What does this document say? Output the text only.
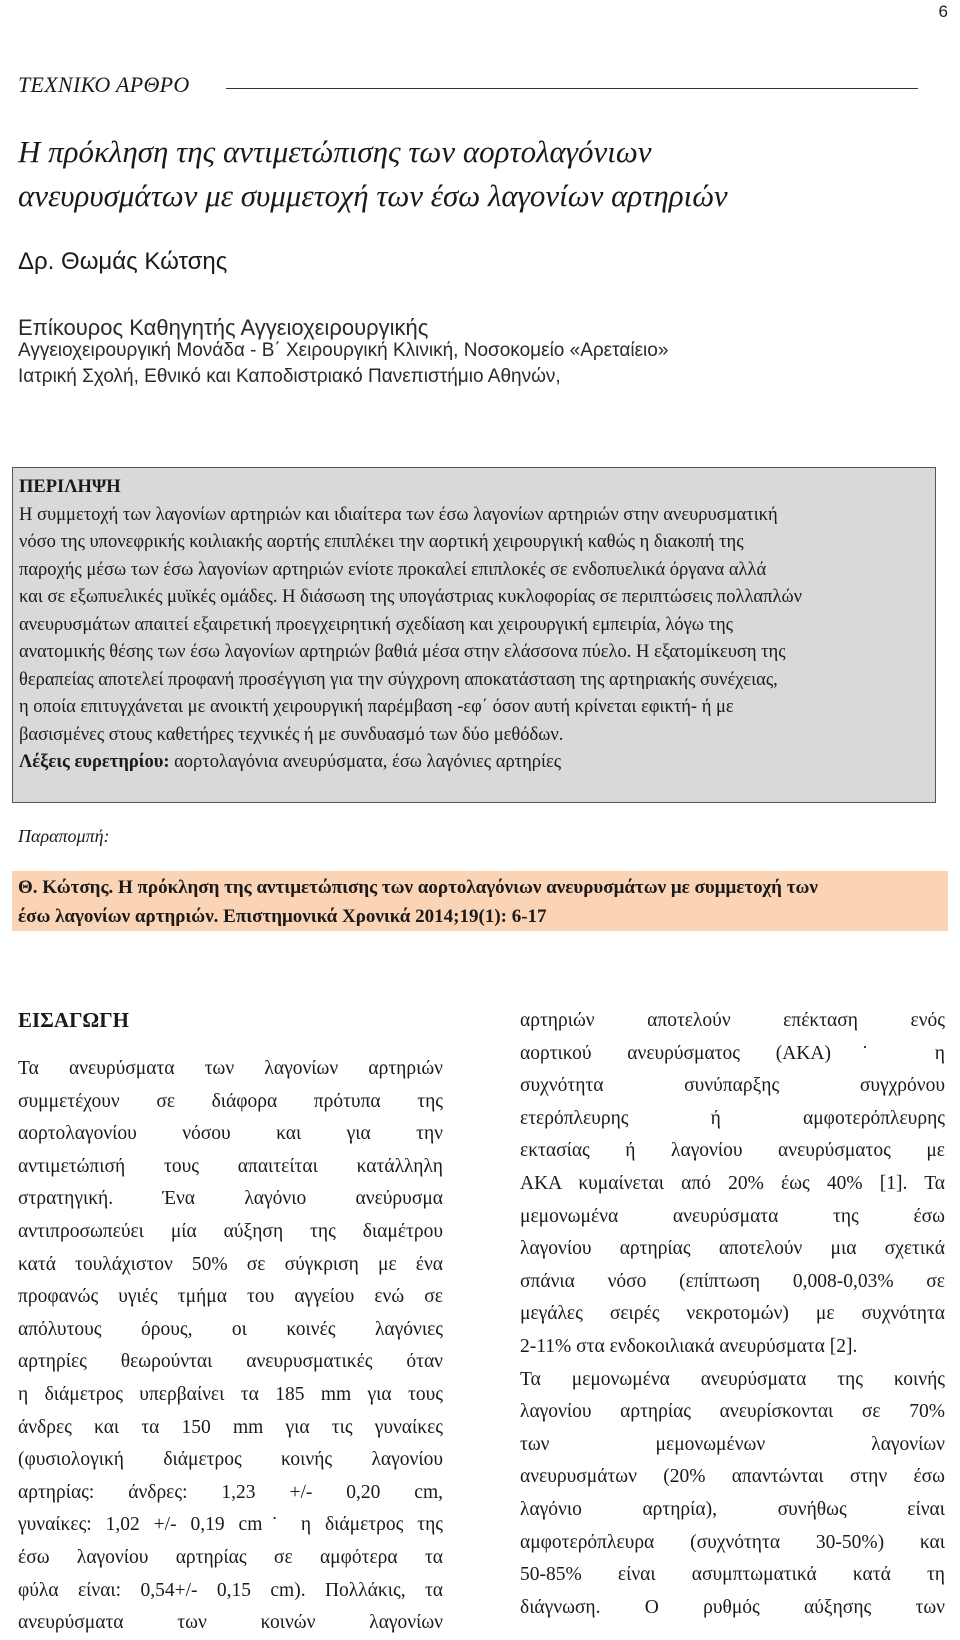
6
ΤΕΧΝΙΚΟ ΑΡΘΡΟ
Η πρόκληση της αντιμετώπισης των αορτολαγόνιων
ανευρυσμάτων με συμμετοχή των έσω λαγονίων αρτηριών
Δρ. Θωμάς Κώτσης
Επίκουρος Καθηγητής Αγγειοχειρουργικής
Αγγειοχειρουργική Μονάδα - Β΄ Χειρουργική Κλινική, Νοσοκομείο «Αρεταίειο»
Ιατρική Σχολή, Εθνικό και Καποδιστριακό Πανεπιστήμιο Αθηνών,
ΠΕΡΙΛΗΨΗ
Η συμμετοχή των λαγονίων αρτηριών και ιδιαίτερα των έσω λαγονίων αρτηριών στην ανευρυσματική
νόσο της υπονεφρικής κοιλιακής αορτής επιπλέκει την αορτική χειρουργική καθώς η διακοπή της
παροχής μέσω των έσω λαγονίων αρτηριών ενίοτε προκαλεί επιπλοκές σε ενδοπυελικά όργανα αλλά
και σε εξωπυελικές μυϊκές ομάδες. Η διάσωση της υπογάστριας κυκλοφορίας σε περιπτώσεις πολλαπλών
ανευρυσμάτων απαιτεί εξαιρετική προεγχειρητική σχεδίαση και χειρουργική εμπειρία, λόγω της
ανατομικής θέσης των έσω λαγονίων αρτηριών βαθιά μέσα στην ελάσσονα πύελο. Η εξατομίκευση της
θεραπείας αποτελεί προφανή προσέγγιση για την σύγχρονη αποκατάσταση της αρτηριακής συνέχειας,
η οποία επιτυγχάνεται με ανοικτή χειρουργική παρέμβαση -εφ΄ όσον αυτή κρίνεται εφικτή- ή με
βασισμένες στους καθετήρες τεχνικές ή με συνδυασμό των δύο μεθόδων.
Λέξεις ευρετηρίου: αορτολαγόνια ανευρύσματα, έσω λαγόνιες αρτηρίες
Παραπομπή:
Θ. Κώτσης. Η πρόκληση της αντιμετώπισης των αορτολαγόνιων ανευρυσμάτων με συμμετοχή των
έσω λαγονίων αρτηριών. Επιστημονικά Χρονικά 2014;19(1): 6-17
ΕΙΣΑΓΩΓΗ
Τα ανευρύσματα των λαγονίων αρτηριών
συμμετέχουν σε διάφορα πρότυπα της
αορτολαγονίου νόσου και για την
αντιμετώπισή τους απαιτείται κατάλληλη
στρατηγική. Ένα λαγόνιο ανεύρυσμα
αντιπροσωπεύει μία αύξηση της διαμέτρου
κατά τουλάχιστον 50% σε σύγκριση με ένα
προφανώς υγιές τμήμα του αγγείου ενώ σε
απόλυτους όρους, οι κοινές λαγόνιες
αρτηρίες θεωρούνται ανευρυσματικές όταν
η διάμετρος υπερβαίνει τα 185 mm για τους
άνδρες και τα 150 mm για τις γυναίκες
(φυσιολογική διάμετρος κοινής λαγονίου
αρτηρίας: άνδρες: 1,23 +/- 0,20 cm,
γυναίκες: 1,02 +/- 0,19 cm˙ η διάμετρος της
έσω λαγονίου αρτηρίας σε αμφότερα τα
φύλα είναι: 0,54+/- 0,15 cm). Πολλάκις, τα
ανευρύσματα των κοινών λαγονίων
αρτηριών αποτελούν επέκταση ενός
αορτικού ανευρύσματος (ΑΚΑ)˙ η
συχνότητα συνύπαρξης συγχρόνου
ετερόπλευρης ή αμφοτερόπλευρης
εκτασίας ή λαγονίου ανευρύσματος με
ΑΚΑ κυμαίνεται από 20% έως 40% [1]. Τα
μεμονωμένα ανευρύσματα της έσω
λαγονίου αρτηρίας αποτελούν μια σχετικά
σπάνια νόσο (επίπτωση 0,008-0,03% σε
μεγάλες σειρές νεκροτομών) με συχνότητα
2-11% στα ενδοκοιλιακά ανευρύσματα [2].
Τα μεμονωμένα ανευρύσματα της κοινής
λαγονίου αρτηρίας ανευρίσκονται σε 70%
των μεμονωμένων λαγονίων
ανευρυσμάτων (20% απαντώνται στην έσω
λαγόνιο αρτηρία), συνήθως είναι
αμφοτερόπλευρα (συχνότητα 30-50%) και
50-85% είναι ασυμπτωματικά κατά τη
διάγνωση. Ο ρυθμός αύξησης των
